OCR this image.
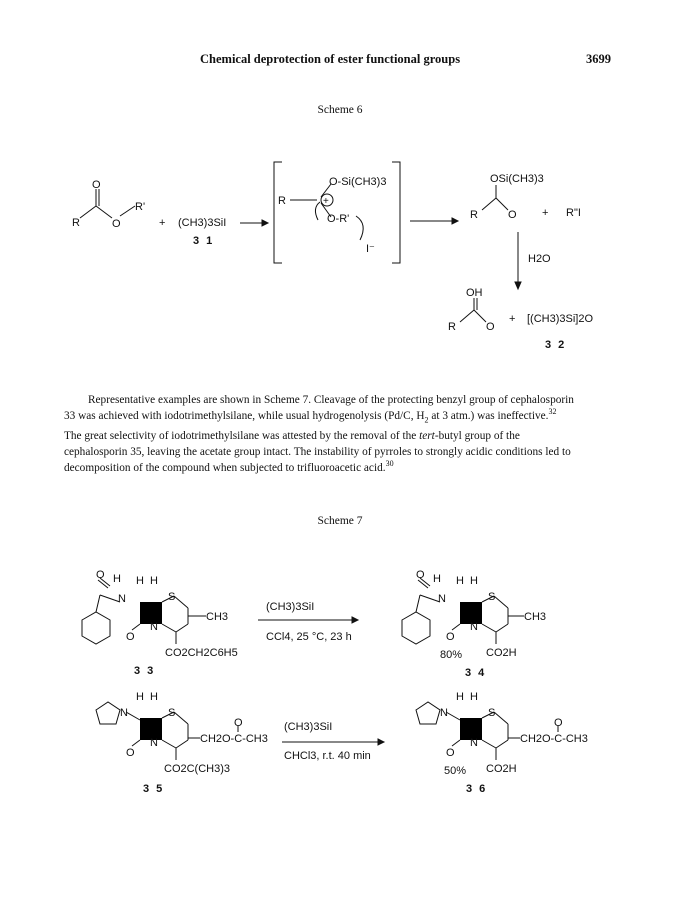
Chemical deprotection of ester functional groups	3699
Scheme 6
O
R	O
R'
+ (CH3)3SiI
3 1
+
R
O-Si(CH3)3
O-R'
I⁻
OSi(CH3)3
R	O + R"I
H2O
OH
R	O
+ [(CH3)3Si]2O
3 2
Representative examples are shown in Scheme 7. Cleavage of the protecting benzyl group of cephalosporin
33 was achieved with iodotrimethylsilane, while usual hydrogenolysis (Pd/C, $H_2$ at 3 atm.) was ineffective.$^{32}$
The great selectivity of iodotrimethylsilane was attested by the removal of the tert-butyl group of the
cephalosporin 35, leaving the acetate group intact. The instability of pyrroles to strongly acidic conditions led to
decomposition of the compound when subjected to trifluoroacetic acid.$^{30}$
Scheme 7
O H H H
N	S
N
O
CH3
CO2CH2C6H5
3 3
(CH3)3SiI
CCl4, 25 °C, 23 h
O H H H
N	S
N
O
CH3
CO2H
80%
3 4
N
H H
S
N
O
O
CH2O-C-CH3
CO2C(CH3)3
3 5
(CH3)3SiI
CHCl3, r.t. 40 min
N
H H
S
N
O
O
CH2O-C-CH3
CO2H
50%
3 6
